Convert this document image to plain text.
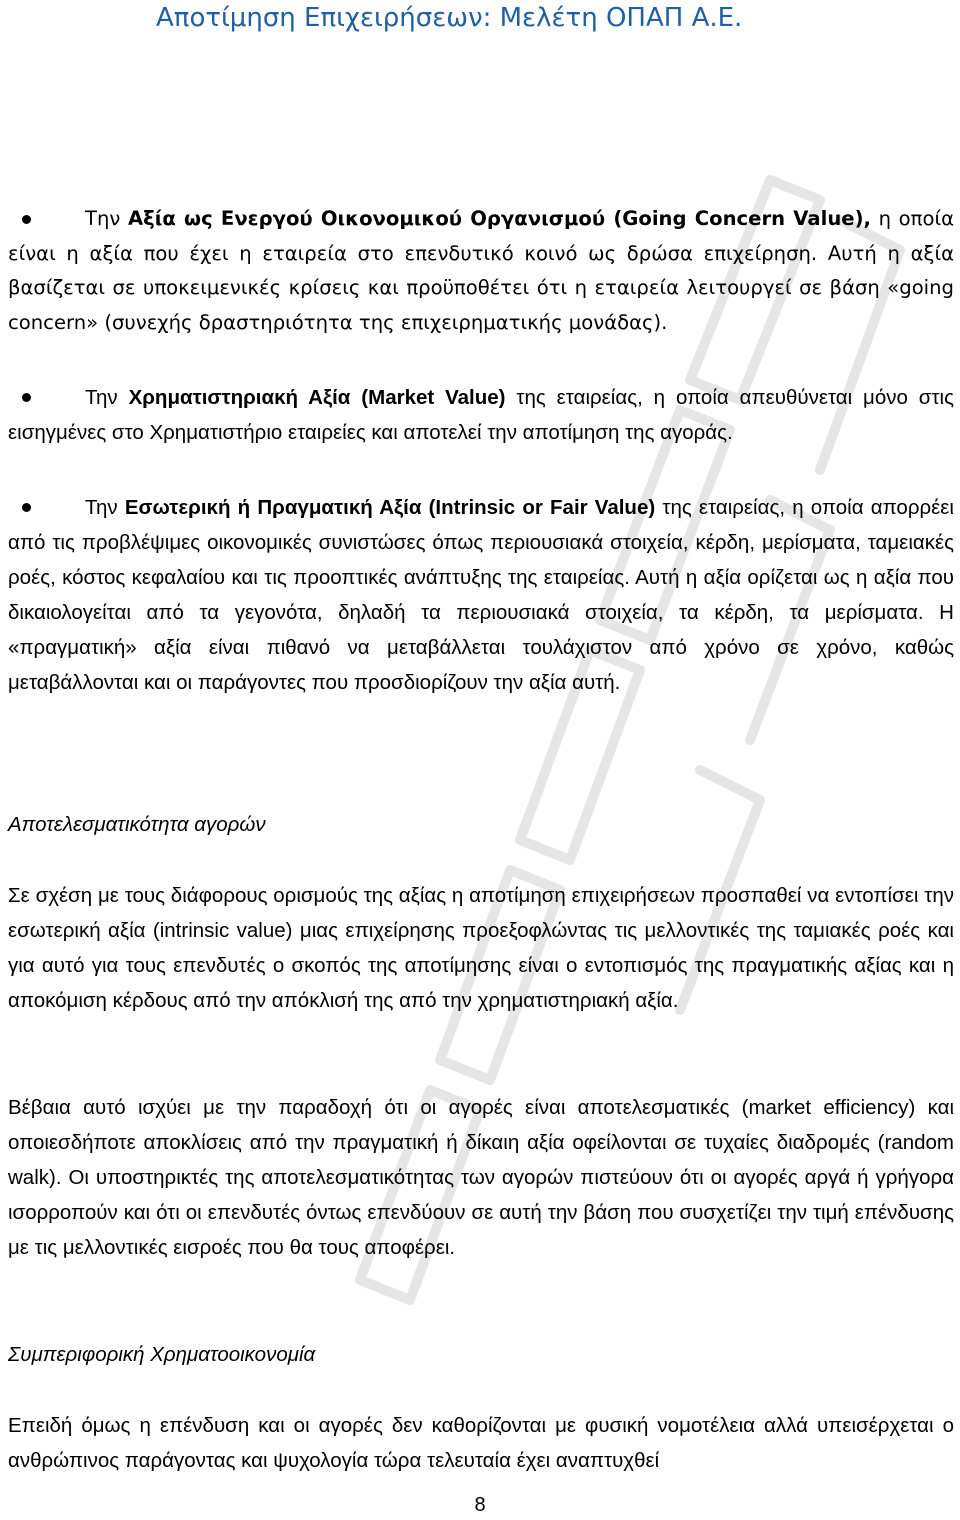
Αποτίμηση Επιχειρήσεων: Μελέτη ΟΠΑΠ Α.Ε.

Την Αξία ως Ενεργού Οικονομικού Οργανισμού (Going Concern Value), η οποία είναι η αξία που έχει η εταιρεία στο επενδυτικό κοινό ως δρώσα επιχείρηση. Αυτή η αξία βασίζεται σε υποκειμενικές κρίσεις και προϋποθέτει ότι η εταιρεία λειτουργεί σε βάση «going concern» (συνεχής δραστηριότητα της επιχειρηματικής μονάδας).

Την Χρηματιστηριακή Αξία (Market Value) της εταιρείας, η οποία απευθύνεται μόνο στις εισηγμένες στο Χρηματιστήριο εταιρείες και αποτελεί την αποτίμηση της αγοράς.

Την Εσωτερική ή Πραγματική Αξία (Intrinsic or Fair Value) της εταιρείας, η οποία απορρέει από τις προβλέψιμες οικονομικές συνιστώσες όπως περιουσιακά στοιχεία, κέρδη, μερίσματα, ταμειακές ροές, κόστος κεφαλαίου και τις προοπτικές ανάπτυξης της εταιρείας. Αυτή η αξία ορίζεται ως η αξία που δικαιολογείται από τα γεγονότα, δηλαδή τα περιουσιακά στοιχεία, τα κέρδη, τα μερίσματα. Η «πραγματική» αξία είναι πιθανό να μεταβάλλεται τουλάχιστον από χρόνο σε χρόνο, καθώς μεταβάλλονται και οι παράγοντες που προσδιορίζουν την αξία αυτή.

Αποτελεσματικότητα αγορών

Σε σχέση με τους διάφορους ορισμούς της αξίας η αποτίμηση επιχειρήσεων προσπαθεί να εντοπίσει την εσωτερική αξία (intrinsic value) μιας επιχείρησης προεξοφλώντας τις μελλοντικές της ταμιακές ροές και για αυτό για τους επενδυτές ο σκοπός της αποτίμησης είναι ο εντοπισμός της πραγματικής αξίας και η αποκόμιση κέρδους από την απόκλισή της από την χρηματιστηριακή αξία.

Βέβαια αυτό ισχύει με την παραδοχή ότι οι αγορές είναι αποτελεσματικές (market efficiency) και οποιεσδήποτε αποκλίσεις από την πραγματική ή δίκαιη αξία οφείλονται σε τυχαίες διαδρομές (random walk). Οι υποστηρικτές της αποτελεσματικότητας των αγορών πιστεύουν ότι οι αγορές αργά ή γρήγορα ισορροπούν και ότι οι επενδυτές όντως επενδύουν σε αυτή την βάση που συσχετίζει την τιμή επένδυσης με τις μελλοντικές εισροές που θα τους αποφέρει.

Συμπεριφορική Χρηματοοικονομία

Επειδή όμως η επένδυση και οι αγορές δεν καθορίζονται με φυσική νομοτέλεια αλλά υπεισέρχεται ο ανθρώπινος παράγοντας και ψυχολογία τώρα τελευταία έχει αναπτυχθεί

8
